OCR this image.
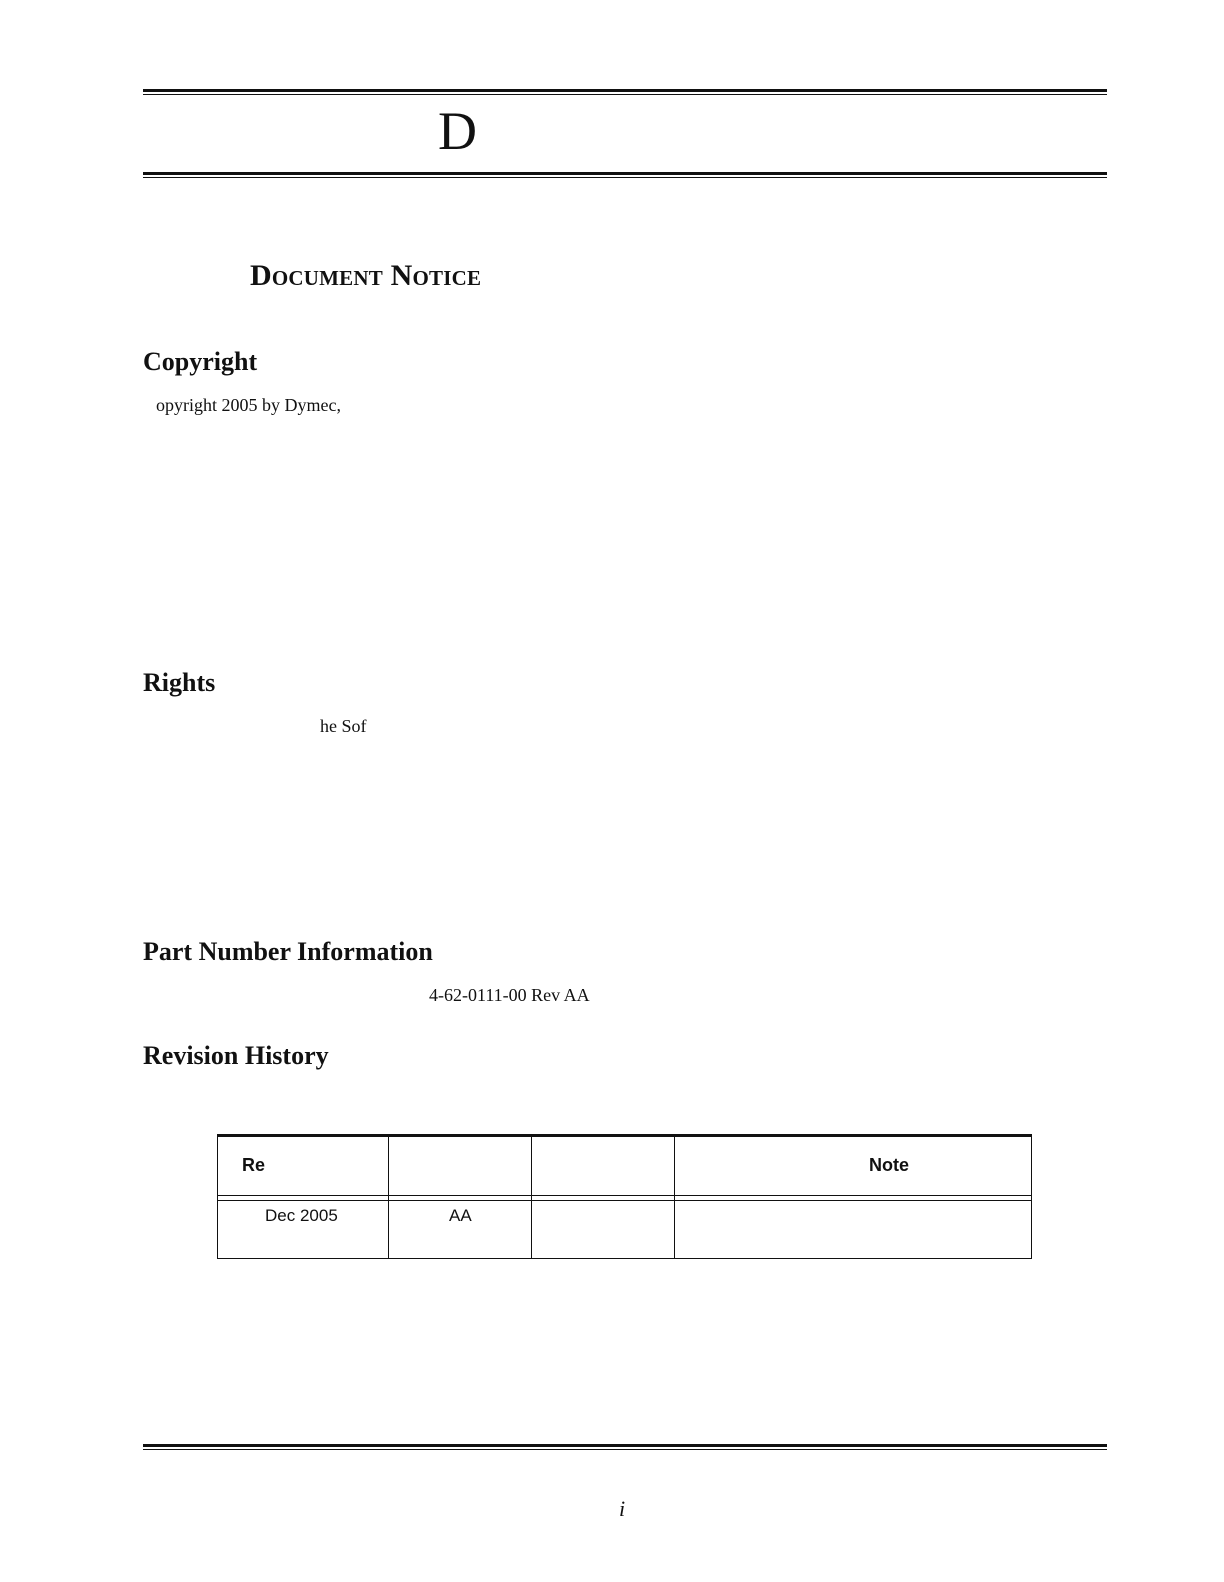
D
Document Notice
Copyright
opyright 2005 by Dymec,
Rights
he Sof
Part Number Information
4-62-0111-00 Rev AA
Revision History
Re	Note
Dec 2005	AA
i
